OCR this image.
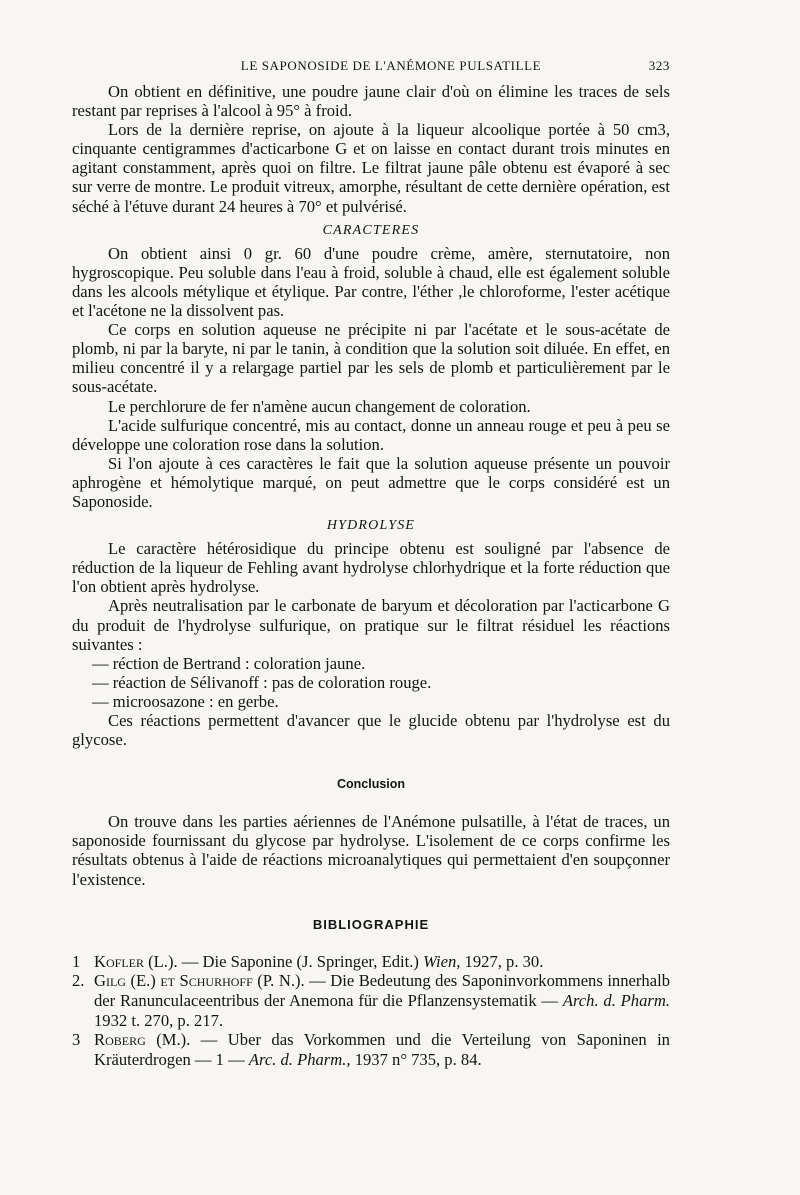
LE SAPONOSIDE DE L'ANÉMONE PULSATILLE	323

On obtient en définitive, une poudre jaune clair d'où on élimine les traces de sels restant par reprises à l'alcool à 95° à froid.

Lors de la dernière reprise, on ajoute à la liqueur alcoolique portée à 50 cm3, cinquante centigrammes d'acticarbone G et on laisse en contact durant trois minutes en agitant constamment, après quoi on filtre. Le filtrat jaune pâle obtenu est évaporé à sec sur verre de montre. Le produit vitreux, amorphe, résultant de cette dernière opération, est séché à l'étuve durant 24 heures à 70° et pulvérisé.

CARACTERES

On obtient ainsi 0 gr. 60 d'une poudre crème, amère, sternutatoire, non hygroscopique. Peu soluble dans l'eau à froid, soluble à chaud, elle est également soluble dans les alcools métylique et étylique. Par contre, l'éther ,le chloroforme, l'ester acétique et l'acétone ne la dissolvent pas.

Ce corps en solution aqueuse ne précipite ni par l'acétate et le sous-acétate de plomb, ni par la baryte, ni par le tanin, à condition que la solution soit diluée. En effet, en milieu concentré il y a relargage partiel par les sels de plomb et particulièrement par le sous-acétate.

Le perchlorure de fer n'amène aucun changement de coloration.

L'acide sulfurique concentré, mis au contact, donne un anneau rouge et peu à peu se développe une coloration rose dans la solution.

Si l'on ajoute à ces caractères le fait que la solution aqueuse présente un pouvoir aphrogène et hémolytique marqué, on peut admettre que le corps considéré est un Saponoside.

HYDROLYSE

Le caractère hétérosidique du principe obtenu est souligné par l'absence de réduction de la liqueur de Fehling avant hydrolyse chlorhydrique et la forte réduction que l'on obtient après hydrolyse.

Après neutralisation par le carbonate de baryum et décoloration par l'acticarbone G du produit de l'hydrolyse sulfurique, on pratique sur le filtrat résiduel les réactions suivantes :

— réction de Bertrand : coloration jaune.

— réaction de Sélivanoff : pas de coloration rouge.

— microosazone : en gerbe.

Ces réactions permettent d'avancer que le glucide obtenu par l'hydrolyse est du glycose.

Conclusion

On trouve dans les parties aériennes de l'Anémone pulsatille, à l'état de traces, un saponoside fournissant du glycose par hydrolyse. L'isolement de ce corps confirme les résultats obtenus à l'aide de réactions microanalytiques qui permettaient d'en soupçonner l'existence.

BIBLIOGRAPHIE
1 Kofler (L.). — Die Saponine (J. Springer, Edit.) Wien, 1927, p. 30.
2. Gilg (E.) et Schurhoff (P. N.). — Die Bedeutung des Saponinvorkommens innerhalb der Ranunculaceentribus der Anemona für die Pflanzensystematik — Arch. d. Pharm. 1932 t. 270, p. 217.
3 Roberg (M.). — Uber das Vorkommen und die Verteilung von Saponinen in Kräuterdrogen — 1 — Arc. d. Pharm., 1937 n° 735, p. 84.
